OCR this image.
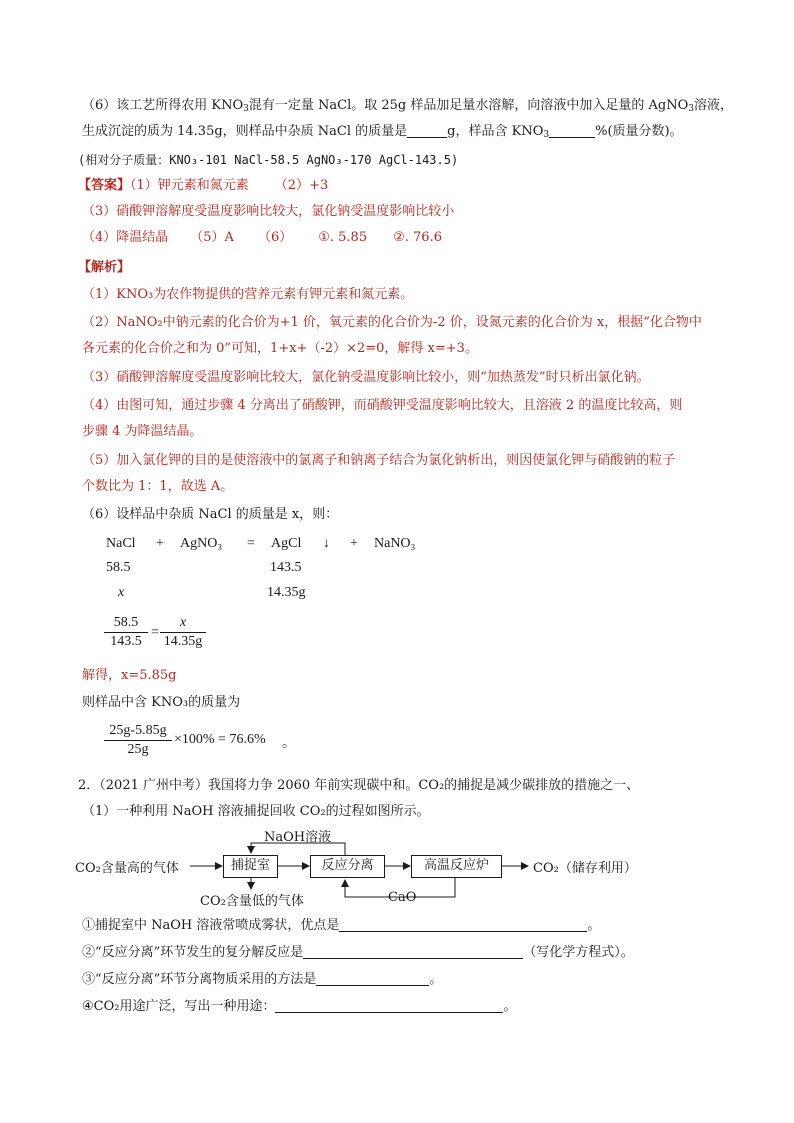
（6）该工艺所得农用 $KNO_3$混有一定量 NaCl。取 25g 样品加足量水溶解，向溶液中加入足量的 AgNO$_3$溶液，
生成沉淀的质为 14.35g，则样品中杂质 NaCl 的质量是	g，样品含 $KNO_3$	%(质量分数)。
(相对分子质量：KNO₃-101 NaCl-58.5 AgNO₃-170 AgCl-143.5)
【答案】（1）钾元素和氮元素 （2）+3
（3）硝酸钾溶解度受温度影响比较大，氯化钠受温度影响比较小
（4）降温结晶 （5）A （6） ①. 5.85 ②. 76.6
【解析】
（1）KNO₃为农作物提供的营养元素有钾元素和氮元素。
（2）NaNO₂中钠元素的化合价为+1 价，氧元素的化合价为-2 价，设氮元素的化合价为 x，根据“化合物中
各元素的化合价之和为 0”可知，1+x+（-2）×2=0，解得 x=+3。
（3）硝酸钾溶解度受温度影响比较大，氯化钠受温度影响比较小，则“加热蒸发”时只析出氯化钠。
（4）由图可知，通过步骤 4 分离出了硝酸钾，而硝酸钾受温度影响比较大，且溶液 2 的温度比较高，则
步骤 4 为降温结晶。
（5）加入氯化钾的目的是使溶液中的氯离子和钠离子结合为氯化钠析出，则因使氯化钾与硝酸钠的粒子
个数比为 1：1，故选 A。
（6）设样品中杂质 NaCl 的质量是 x，则：
NaCl + AgNO₃ = AgCl ↓ + NaNO₃
58.5	143.5
x	14.35g
58.5
143.5
=
x
14.35g
解得，x=5.85g
则样品中含 KNO₃的质量为
25g-5.85g
25g
×100% = 76.6% 。
2．（2021 广州中考）我国将力争 2060 年前实现碳中和。CO₂的捕捉是减少碳排放的措施之一、
（1）一种利用 NaOH 溶液捕捉回收 CO₂的过程如图所示。
NaOH溶液
CO₂含量高的气体	捕捉室	反应分离	高温反应炉	CO₂（储存利用）
CO₂含量低的气体	CaO
①捕捉室中 NaOH 溶液常喷成雾状，优点是	。
②“反应分离”环节发生的复分解反应是	（写化学方程式）。
③“反应分离”环节分离物质采用的方法是	。
④CO₂用途广泛，写出一种用途：	。
